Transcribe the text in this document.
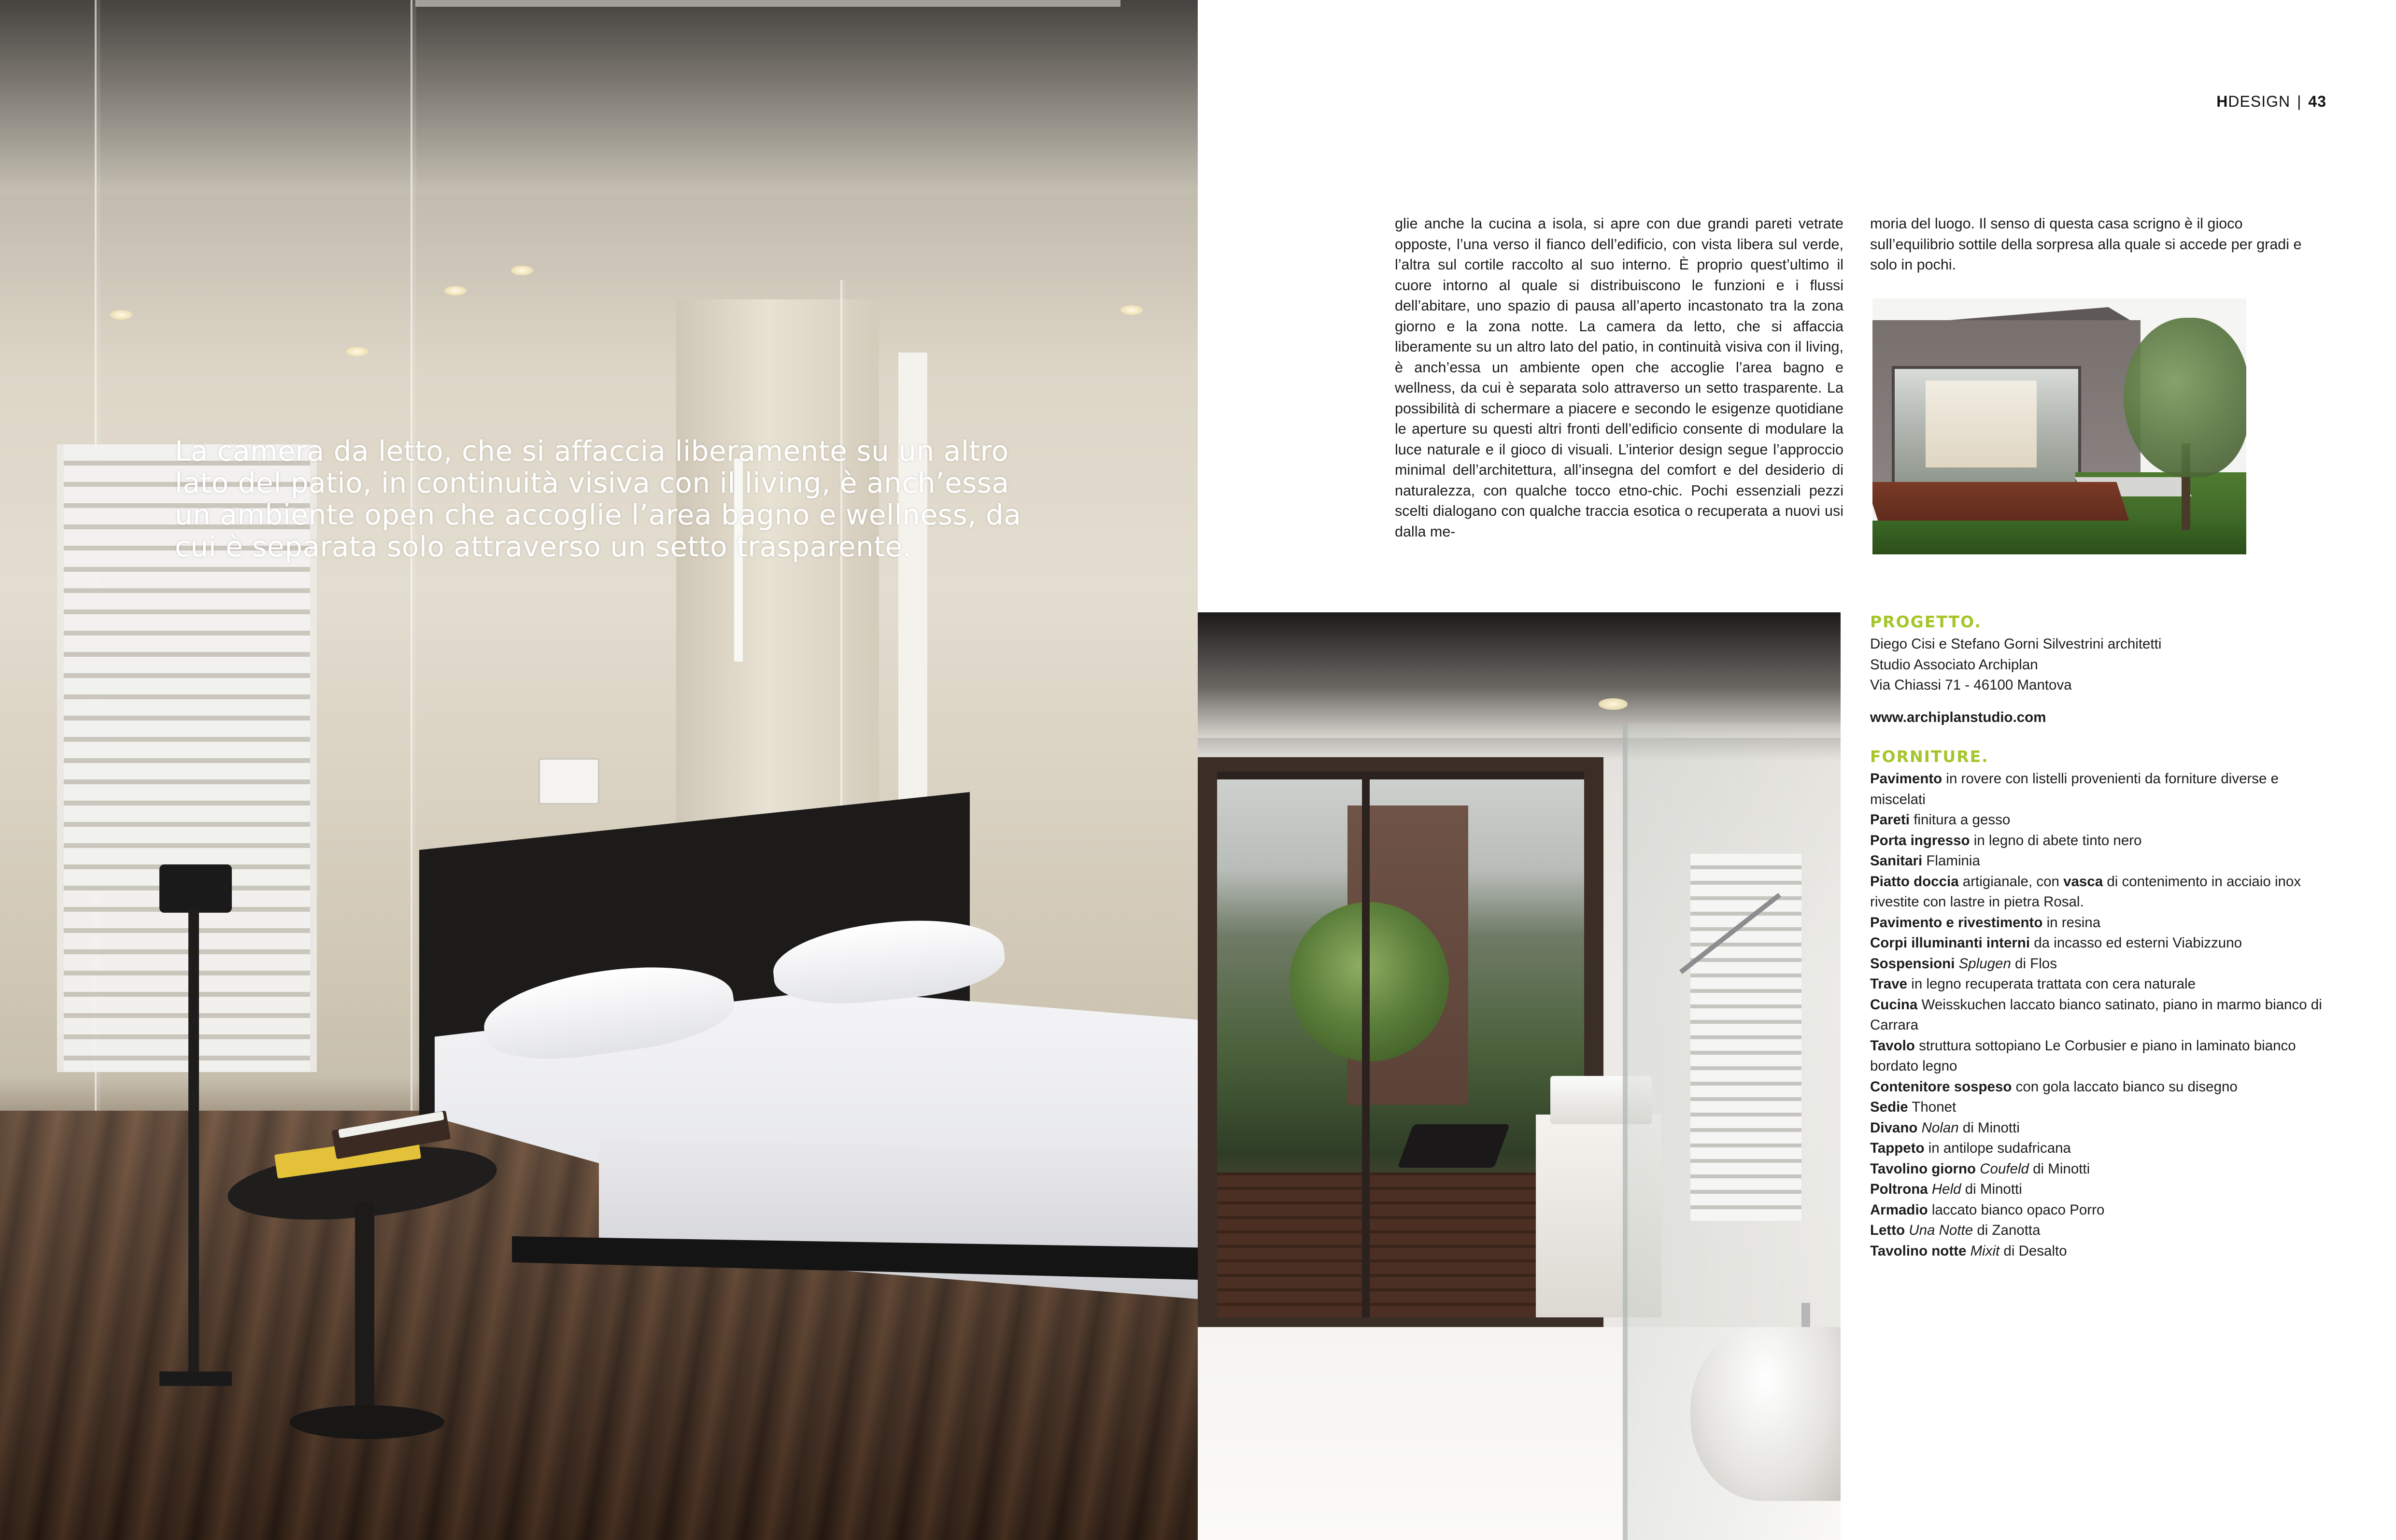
La camera da letto, che si affaccia liberamente su un altro lato del patio, in continuità visiva con il living, è anch’essa un ambiente open che accoglie l’area bagno e wellness, da cui è separata solo attraverso un setto trasparente.

HDESIGN | 43

glie anche la cucina a isola, si apre con due grandi pareti vetrate opposte, l’una verso il fianco dell’edificio, con vista libera sul verde, l’altra sul cortile raccolto al suo interno. È proprio quest’ultimo il cuore intorno al quale si distribuiscono le funzioni e i flussi dell’abitare, uno spazio di pausa all’aperto incastonato tra la zona giorno e la zona notte. La camera da letto, che si affaccia liberamente su un altro lato del patio, in continuità visiva con il living, è anch’essa un ambiente open che accoglie l’area bagno e wellness, da cui è separata solo attraverso un setto trasparente. La possibilità di schermare a piacere e secondo le esigenze quotidiane le aperture su questi altri fronti dell’edificio consente di modulare la luce naturale e il gioco di visuali. L’interior design segue l’approccio minimal dell’architettura, all’insegna del comfort e del desiderio di naturalezza, con qualche tocco etno-chic. Pochi essenziali pezzi scelti dialogano con qualche traccia esotica o recuperata a nuovi usi dalla me-

moria del luogo. Il senso di questa casa scrigno è il gioco sull’equilibrio sottile della sorpresa alla quale si accede per gradi e solo in pochi.

PROGETTO.

Diego Cisi e Stefano Gorni Silvestrini architetti

Studio Associato Archiplan

Via Chiassi 71 - 46100 Mantova

www.archiplanstudio.com

FORNITURE.

Pavimento in rovere con listelli provenienti da forniture diverse e miscelati
Pareti finitura a gesso
Porta ingresso in legno di abete tinto nero
Sanitari Flaminia
Piatto doccia artigianale, con vasca di contenimento in acciaio inox rivestite con lastre in pietra Rosal.
Pavimento e rivestimento in resina
Corpi illuminanti interni da incasso ed esterni Viabizzuno
Sospensioni Splugen di Flos
Trave in legno recuperata trattata con cera naturale
Cucina Weisskuchen laccato bianco satinato, piano in marmo bianco di Carrara
Tavolo struttura sottopiano Le Corbusier e piano in laminato bianco bordato legno
Contenitore sospeso con gola laccato bianco su disegno
Sedie Thonet
Divano Nolan di Minotti
Tappeto in antilope sudafricana
Tavolino giorno Coufeld di Minotti
Poltrona Held di Minotti
Armadio laccato bianco opaco Porro
Letto Una Notte di Zanotta
Tavolino notte Mixit di Desalto
